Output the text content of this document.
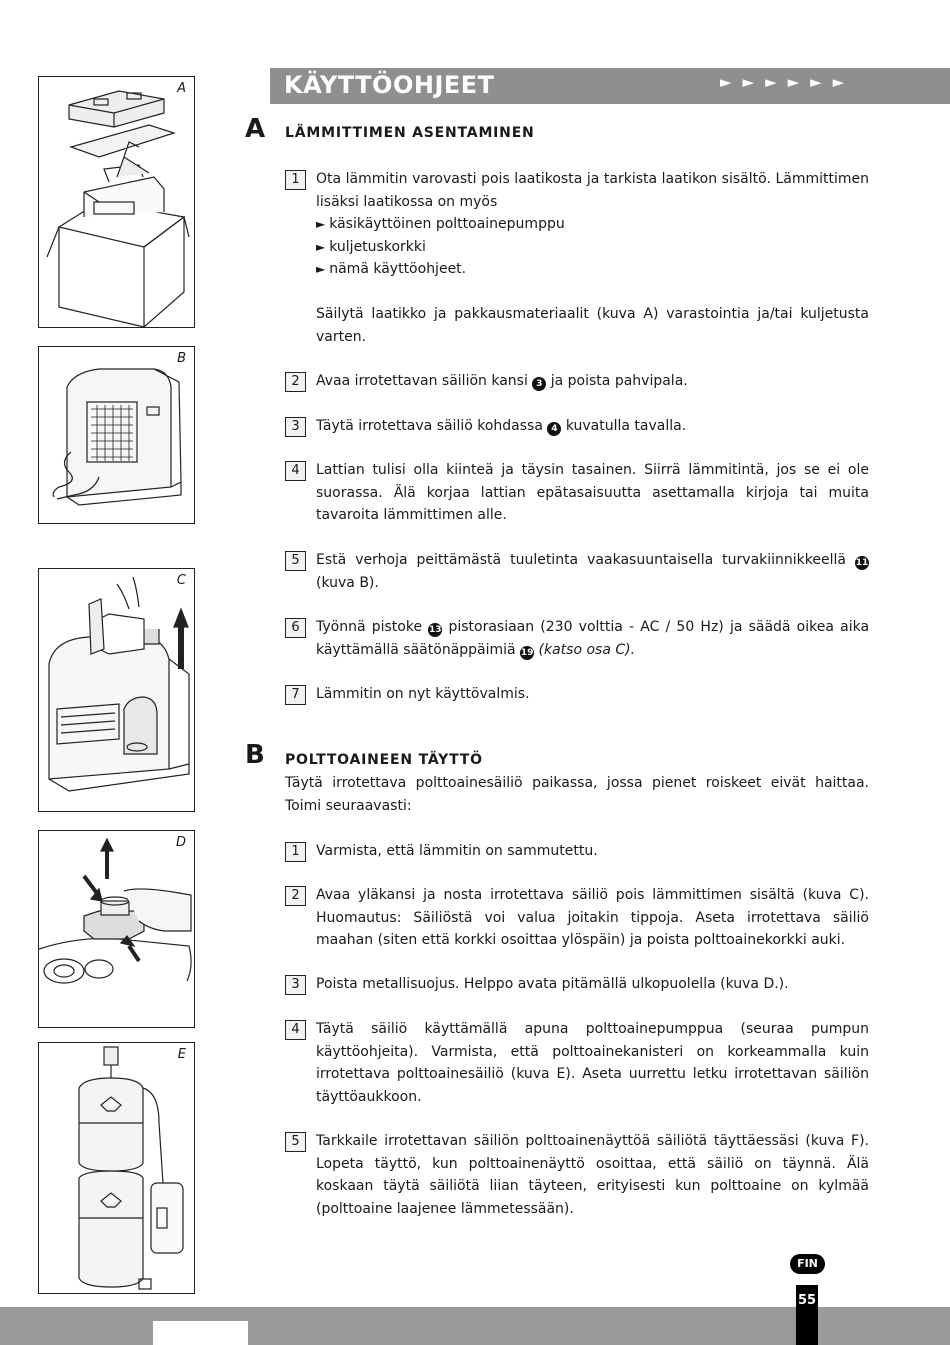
KÄYTTÖOHJEET	►►►►►►
A
B
C
D
E
A LÄMMITTIMEN ASENTAMINEN
1	Ota lämmitin varovasti pois laatikosta ja tarkista laatikon sisältö. Lämmittimen lisäksi laatikossa on myös
► käsikäyttöinen polttoainepumppu
► kuljetuskorkki
► nämä käyttöohjeet.
Säilytä laatikko ja pakkausmateriaalit (kuva A) varastointia ja/tai kuljetusta varten.
2	Avaa irrotettavan säiliön kansi 3 ja poista pahvipala.
3	Täytä irrotettava säiliö kohdassa 4 kuvatulla tavalla.
4	Lattian tulisi olla kiinteä ja täysin tasainen. Siirrä lämmitintä, jos se ei ole suorassa. Älä korjaa lattian epätasaisuutta asettamalla kirjoja tai muita tavaroita lämmittimen alle.
5	Estä verhoja peittämästä tuuletinta vaakasuuntaisella turvakiinnikkeellä 11 (kuva B).
6	Työnnä pistoke 13 pistorasiaan (230 volttia - AC / 50 Hz) ja säädä oikea aika käyttämällä säätönäppäimiä 19 (katso osa C).
7	Lämmitin on nyt käyttövalmis.
B POLTTOAINEEN TÄYTTÖ
Täytä irrotettava polttoainesäiliö paikassa, jossa pienet roiskeet eivät haittaa. Toimi seuraavasti:
1	Varmista, että lämmitin on sammutettu.
2	Avaa yläkansi ja nosta irrotettava säiliö pois lämmittimen sisältä (kuva C). Huomautus: Säiliöstä voi valua joitakin tippoja. Aseta irrotettava säiliö maahan (siten että korkki osoittaa ylöspäin) ja poista polttoainekorkki auki.
3	Poista metallisuojus. Helppo avata pitämällä ulkopuolella (kuva D.).
4	Täytä säiliö käyttämällä apuna polttoainepumppua (seuraa pumpun käyttöohjeita). Varmista, että polttoainekanisteri on korkeammalla kuin irrotettava polttoainesäiliö (kuva E). Aseta uurrettu letku irrotettavan säiliön täyttöaukkoon.
5	Tarkkaile irrotettavan säiliön polttoainenäyttöä säiliötä täyttäessäsi (kuva F). Lopeta täyttö, kun polttoainenäyttö osoittaa, että säiliö on täynnä. Älä koskaan täytä säiliötä liian täyteen, erityisesti kun polttoaine on kylmää (polttoaine laajenee lämmetessään).
FIN
55
